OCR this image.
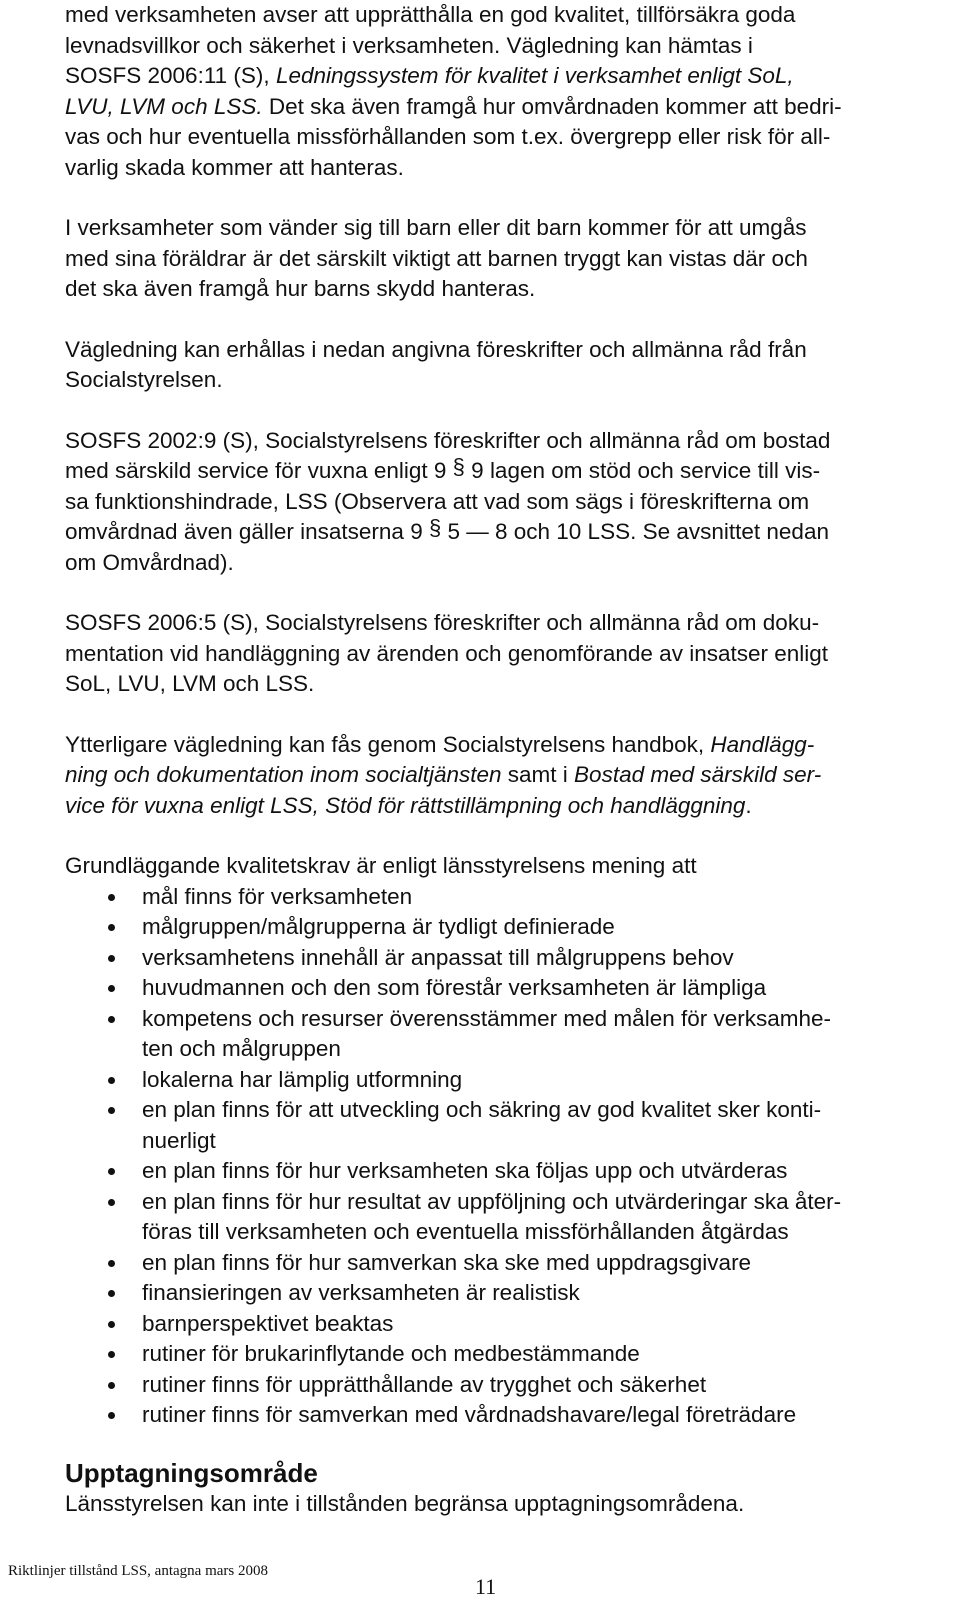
med verksamheten avser att upprätthålla en god kvalitet, tillförsäkra goda

levnadsvillkor och säkerhet i verksamheten. Vägledning kan hämtas i

SOSFS 2006:11 (S), Ledningssystem för kvalitet i verksamhet enligt SoL,

LVU, LVM och LSS. Det ska även framgå hur omvårdnaden kommer att bedri-

vas och hur eventuella missförhållanden som t.ex. övergrepp eller risk för all-

varlig skada kommer att hanteras.

I verksamheter som vänder sig till barn eller dit barn kommer för att umgås

med sina föräldrar är det särskilt viktigt att barnen tryggt kan vistas där och

det ska även framgå hur barns skydd hanteras.

Vägledning kan erhållas i nedan angivna föreskrifter och allmänna råd från

Socialstyrelsen.

SOSFS 2002:9 (S), Socialstyrelsens föreskrifter och allmänna råd om bostad

med särskild service för vuxna enligt 9 § 9 lagen om stöd och service till vis-

sa funktionshindrade, LSS (Observera att vad som sägs i föreskrifterna om

omvårdnad även gäller insatserna 9 § 5 — 8 och 10 LSS. Se avsnittet nedan

om Omvårdnad).

SOSFS 2006:5 (S), Socialstyrelsens föreskrifter och allmänna råd om doku-

mentation vid handläggning av ärenden och genomförande av insatser enligt

SoL, LVU, LVM och LSS.

Ytterligare vägledning kan fås genom Socialstyrelsens handbok, Handlägg-

ning och dokumentation inom socialtjänsten samt i Bostad med särskild ser-

vice för vuxna enligt LSS, Stöd för rättstillämpning och handläggning.

Grundläggande kvalitetskrav är enligt länsstyrelsens mening att

mål finns för verksamheten
målgruppen/målgrupperna är tydligt definierade
verksamhetens innehåll är anpassat till målgruppens behov
huvudmannen och den som förestår verksamheten är lämpliga
kompetens och resurser överensstämmer med målen för verksamhe-
ten och målgruppen
lokalerna har lämplig utformning
en plan finns för att utveckling och säkring av god kvalitet sker konti-
nuerligt
en plan finns för hur verksamheten ska följas upp och utvärderas
en plan finns för hur resultat av uppföljning och utvärderingar ska åter-
föras till verksamheten och eventuella missförhållanden åtgärdas
en plan finns för hur samverkan ska ske med uppdragsgivare
finansieringen av verksamheten är realistisk
barnperspektivet beaktas
rutiner för brukarinflytande och medbestämmande
rutiner finns för upprätthållande av trygghet och säkerhet
rutiner finns för samverkan med vårdnadshavare/legal företrädare
Upptagningsområde

Länsstyrelsen kan inte i tillstånden begränsa upptagningsområdena.

Riktlinjer tillstånd LSS, antagna mars 2008
11
